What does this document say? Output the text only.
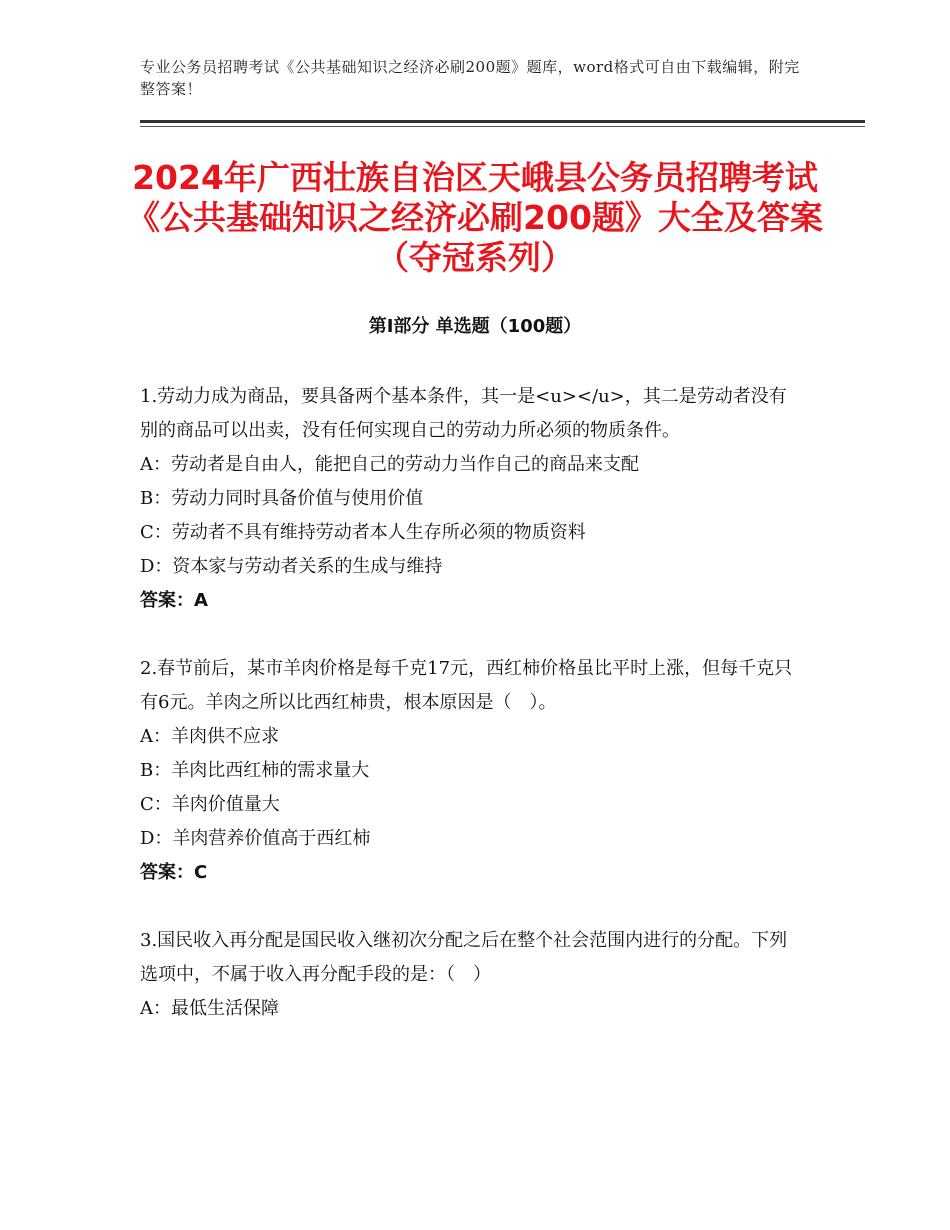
专业公务员招聘考试《公共基础知识之经济必刷200题》题库，word格式可自由下载编辑，附完整答案！
2024年广西壮族自治区天峨县公务员招聘考试《公共基础知识之经济必刷200题》大全及答案（夺冠系列）
第Ⅰ部分 单选题（100题）

1.劳动力成为商品，要具备两个基本条件，其一是<u></u>，其二是劳动者没有别的商品可以出卖，没有任何实现自己的劳动力所必须的物质条件。

A：劳动者是自由人，能把自己的劳动力当作自己的商品来支配

B：劳动力同时具备价值与使用价值

C：劳动者不具有维持劳动者本人生存所必须的物质资料

D：资本家与劳动者关系的生成与维持

答案：A

2.春节前后，某市羊肉价格是每千克17元，西红柿价格虽比平时上涨，但每千克只有6元。羊肉之所以比西红柿贵，根本原因是（　）。

A：羊肉供不应求

B：羊肉比西红柿的需求量大

C：羊肉价值量大

D：羊肉营养价值高于西红柿

答案：C

3.国民收入再分配是国民收入继初次分配之后在整个社会范围内进行的分配。下列选项中，不属于收入再分配手段的是：（　）

A：最低生活保障
